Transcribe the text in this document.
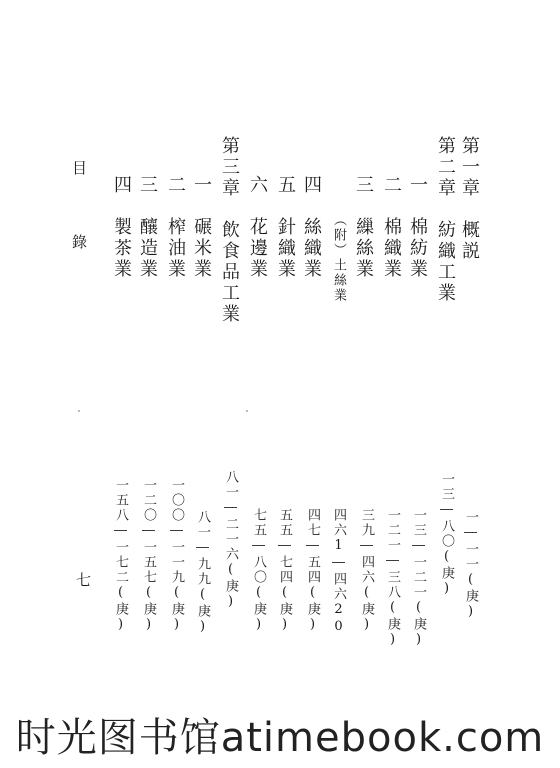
目　錄
七
第一章　概説
第二章　紡織工業
一　棉紡業
二　棉織業
三　繅絲業
（附）土絲業
四　絲織業
五　針織業
六　花邊業
第三章　飲食品工業
一　碾米業
二　榨油業
三　釀造業
四　製茶業
一―一一(庚)
一三―八〇(庚)
一三―一二一(庚)
一二一―三八(庚)
三九―四六(庚)
四六1―四六20
四七―五四(庚)
五五―七四(庚)
七五―八〇(庚)
八一―二一六(庚)
八一―九九(庚)
一〇〇―一一九(庚)
一二〇―一五七(庚)
一五八―一七二(庚)
时光图书馆atimebook.com
